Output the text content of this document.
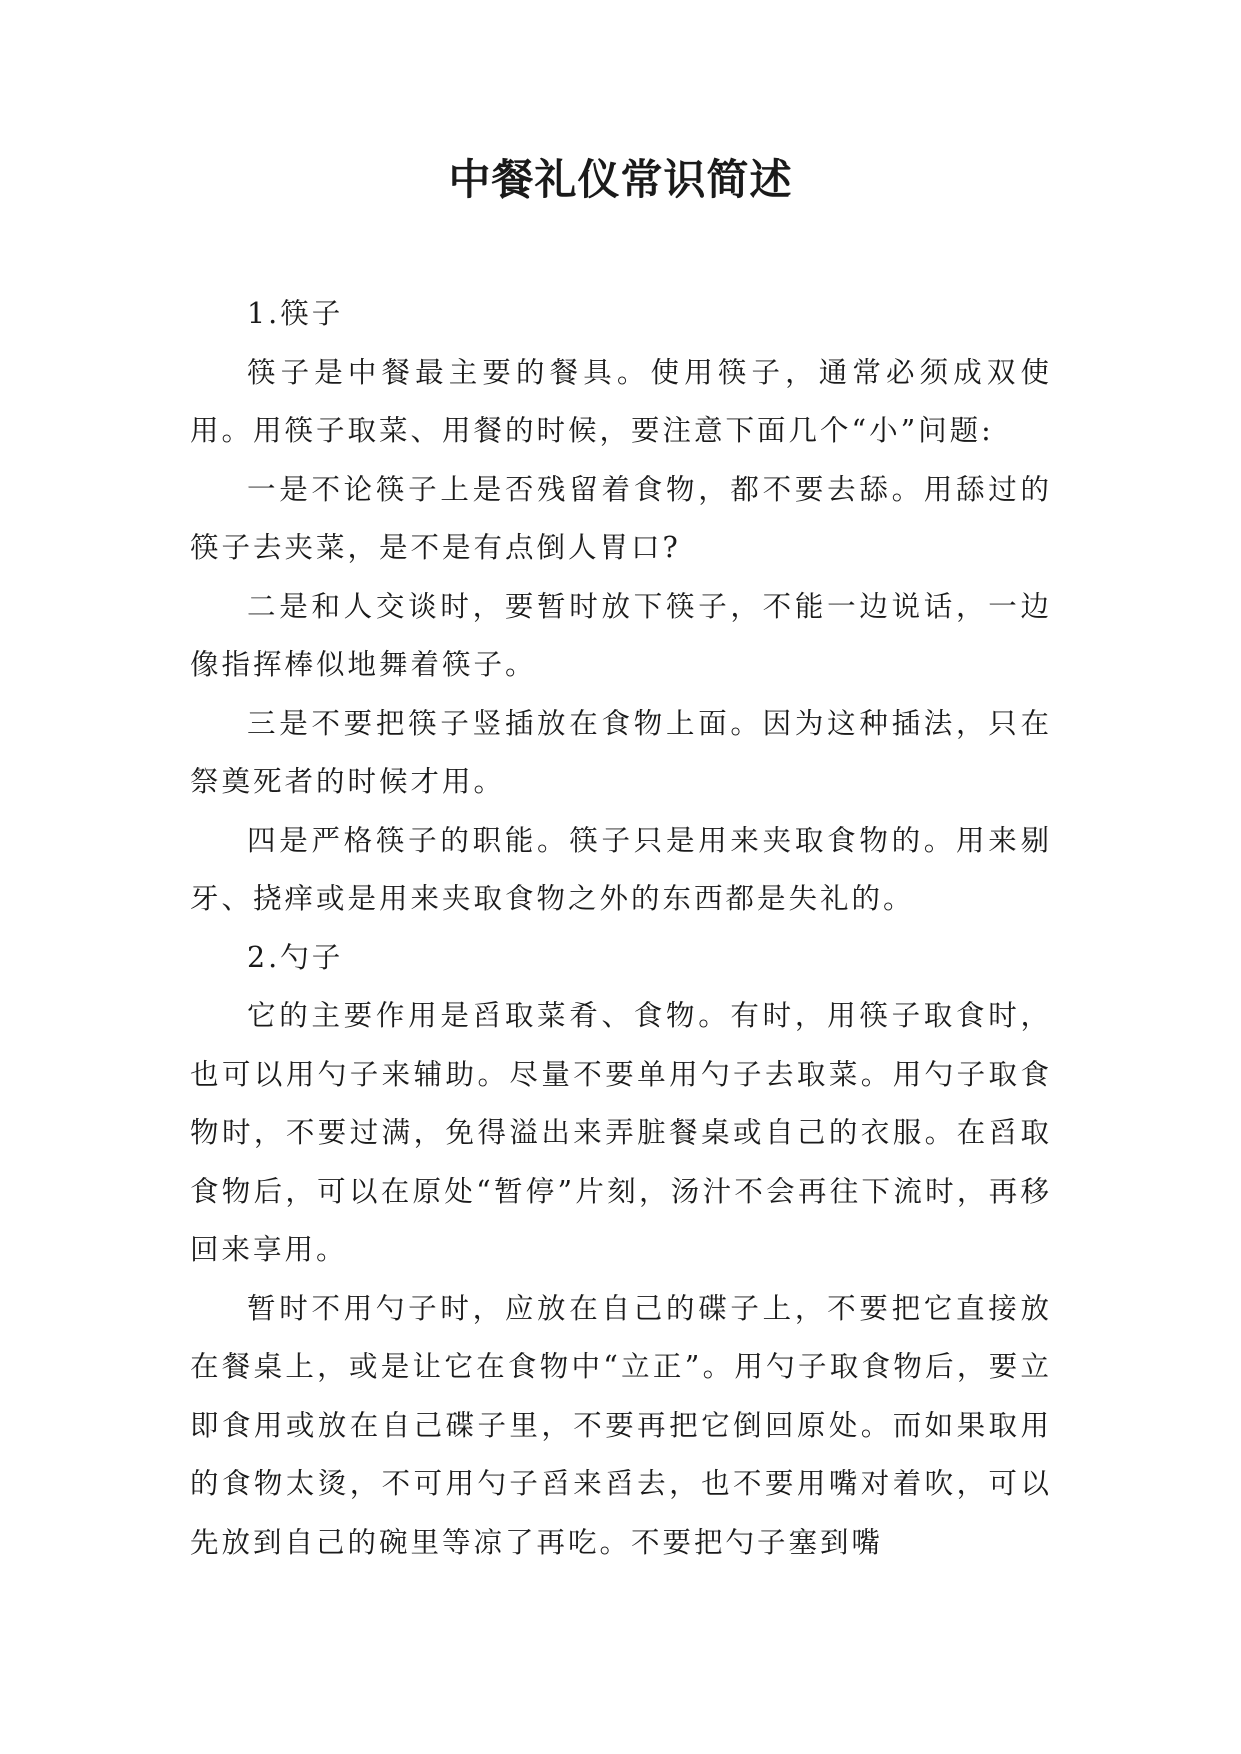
中餐礼仪常识简述

1.筷子

筷子是中餐最主要的餐具。使用筷子，通常必须成双使用。用筷子取菜、用餐的时候，要注意下面几个“小”问题:

一是不论筷子上是否残留着食物，都不要去舔。用舔过的筷子去夹菜，是不是有点倒人胃口?

二是和人交谈时，要暂时放下筷子，不能一边说话，一边像指挥棒似地舞着筷子。

三是不要把筷子竖插放在食物上面。因为这种插法，只在祭奠死者的时候才用。

四是严格筷子的职能。筷子只是用来夹取食物的。用来剔牙、挠痒或是用来夹取食物之外的东西都是失礼的。

2.勺子

它的主要作用是舀取菜肴、食物。有时，用筷子取食时，也可以用勺子来辅助。尽量不要单用勺子去取菜。用勺子取食物时，不要过满，免得溢出来弄脏餐桌或自己的衣服。在舀取食物后，可以在原处“暂停”片刻，汤汁不会再往下流时，再移回来享用。

暂时不用勺子时，应放在自己的碟子上，不要把它直接放在餐桌上，或是让它在食物中“立正”。用勺子取食物后，要立即食用或放在自己碟子里，不要再把它倒回原处。而如果取用的食物太烫，不可用勺子舀来舀去，也不要用嘴对着吹，可以先放到自己的碗里等凉了再吃。不要把勺子塞到嘴
